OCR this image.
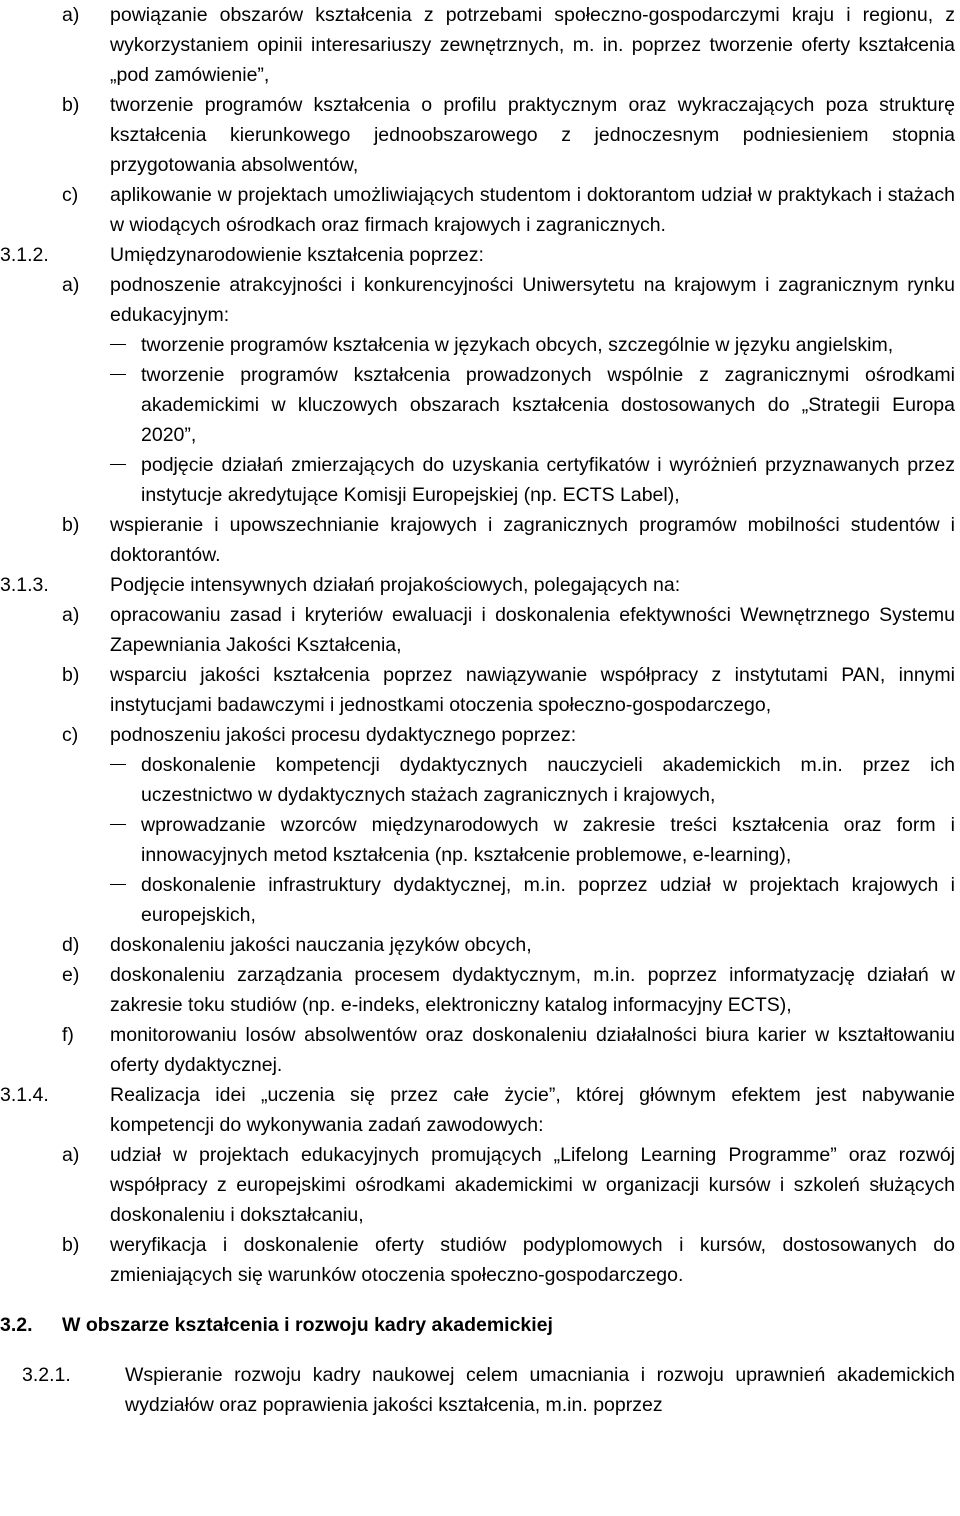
a) powiązanie obszarów kształcenia z potrzebami społeczno-gospodarczymi kraju i regionu, z wykorzystaniem opinii interesariuszy zewnętrznych, m. in. poprzez tworzenie oferty kształcenia „pod zamówienie”,
b) tworzenie programów kształcenia o profilu praktycznym oraz wykraczających poza strukturę kształcenia kierunkowego jednoobszarowego z jednoczesnym podniesieniem stopnia przygotowania absolwentów,
c) aplikowanie w projektach umożliwiających studentom i doktorantom udział w praktykach i stażach w wiodących ośrodkach oraz firmach krajowych i zagranicznych.
3.1.2.	Umiędzynarodowienie kształcenia poprzez:
a) podnoszenie atrakcyjności i konkurencyjności Uniwersytetu na krajowym i zagranicznym rynku edukacyjnym:
tworzenie programów kształcenia w językach obcych, szczególnie w języku angielskim,
tworzenie programów kształcenia prowadzonych wspólnie z zagranicznymi ośrodkami akademickimi w kluczowych obszarach kształcenia dostosowanych do „Strategii Europa 2020”,
podjęcie działań zmierzających do uzyskania certyfikatów i wyróżnień przyznawanych przez instytucje akredytujące Komisji Europejskiej (np. ECTS Label),
b) wspieranie i upowszechnianie krajowych i zagranicznych programów mobilności studentów i doktorantów.
3.1.3.	Podjęcie intensywnych działań projakościowych, polegających na:
a) opracowaniu zasad i kryteriów ewaluacji i doskonalenia efektywności Wewnętrznego Systemu Zapewniania Jakości Kształcenia,
b) wsparciu jakości kształcenia poprzez nawiązywanie współpracy z instytutami PAN, innymi instytucjami badawczymi i jednostkami otoczenia społeczno-gospodarczego,
c) podnoszeniu jakości procesu dydaktycznego poprzez:
doskonalenie kompetencji dydaktycznych nauczycieli akademickich m.in. przez ich uczestnictwo w dydaktycznych stażach zagranicznych i krajowych,
wprowadzanie wzorców międzynarodowych w zakresie treści kształcenia oraz form i innowacyjnych metod kształcenia (np. kształcenie problemowe, e-learning),
doskonalenie infrastruktury dydaktycznej, m.in. poprzez udział w projektach krajowych i europejskich,
d) doskonaleniu jakości nauczania języków obcych,
e) doskonaleniu zarządzania procesem dydaktycznym, m.in. poprzez informatyzację działań w zakresie toku studiów (np. e-indeks, elektroniczny katalog informacyjny ECTS),
f) monitorowaniu losów absolwentów oraz doskonaleniu działalności biura karier w kształtowaniu oferty dydaktycznej.
3.1.4.	Realizacja idei „uczenia się przez całe życie”, której głównym efektem jest nabywanie kompetencji do wykonywania zadań zawodowych:
a) udział w projektach edukacyjnych promujących „Lifelong Learning Programme” oraz rozwój współpracy z europejskimi ośrodkami akademickimi w organizacji kursów i szkoleń służących doskonaleniu i dokształcaniu,
b) weryfikacja i doskonalenie oferty studiów podyplomowych i kursów, dostosowanych do zmieniających się warunków otoczenia społeczno-gospodarczego.
3.2. W obszarze kształcenia i rozwoju kadry akademickiej
3.2.1.	Wspieranie rozwoju kadry naukowej celem umacniania i rozwoju uprawnień akademickich wydziałów oraz poprawienia jakości kształcenia, m.in. poprzez
